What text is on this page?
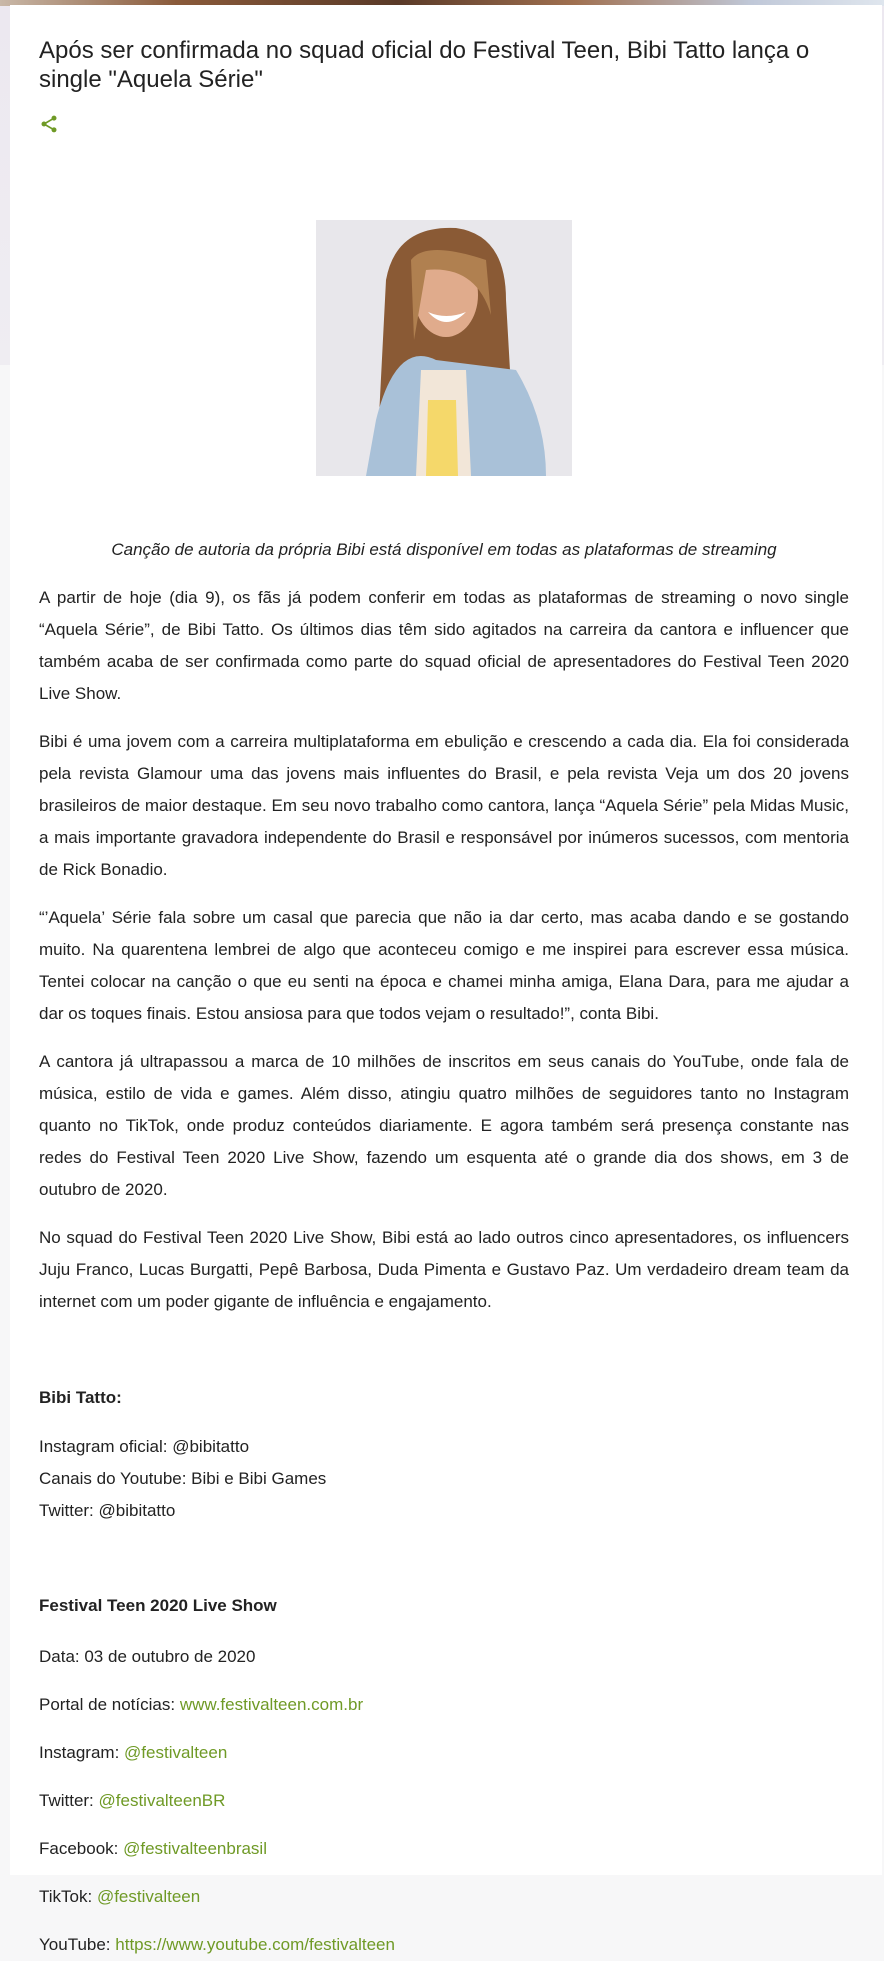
Após ser confirmada no squad oficial do Festival Teen, Bibi Tatto lança o single "Aquela Série"
Canção de autoria da própria Bibi está disponível em todas as plataformas de streaming

A partir de hoje (dia 9), os fãs já podem conferir em todas as plataformas de streaming o novo single “Aquela Série”, de Bibi Tatto. Os últimos dias têm sido agitados na carreira da cantora e influencer que também acaba de ser confirmada como parte do squad oficial de apresentadores do Festival Teen 2020 Live Show.

Bibi é uma jovem com a carreira multiplataforma em ebulição e crescendo a cada dia. Ela foi considerada pela revista Glamour uma das jovens mais influentes do Brasil, e pela revista Veja um dos 20 jovens brasileiros de maior destaque. Em seu novo trabalho como cantora, lança “Aquela Série” pela Midas Music, a mais importante gravadora independente do Brasil e responsável por inúmeros sucessos, com mentoria de Rick Bonadio.

“’Aquela’ Série fala sobre um casal que parecia que não ia dar certo, mas acaba dando e se gostando muito. Na quarentena lembrei de algo que aconteceu comigo e me inspirei para escrever essa música. Tentei colocar na canção o que eu senti na época e chamei minha amiga, Elana Dara, para me ajudar a dar os toques finais. Estou ansiosa para que todos vejam o resultado!”, conta Bibi.

A cantora já ultrapassou a marca de 10 milhões de inscritos em seus canais do YouTube, onde fala de música, estilo de vida e games. Além disso, atingiu quatro milhões de seguidores tanto no Instagram quanto no TikTok, onde produz conteúdos diariamente. E agora também será presença constante nas redes do Festival Teen 2020 Live Show, fazendo um esquenta até o grande dia dos shows, em 3 de outubro de 2020.

No squad do Festival Teen 2020 Live Show, Bibi está ao lado outros cinco apresentadores, os influencers Juju Franco, Lucas Burgatti, Pepê Barbosa, Duda Pimenta e Gustavo Paz. Um verdadeiro dream team da internet com um poder gigante de influência e engajamento.

Bibi Tatto:
Instagram oficial: @bibitatto
Canais do Youtube: Bibi e Bibi Games
Twitter: @bibitatto
Festival Teen 2020 Live Show
Data: 03 de outubro de 2020
Portal de notícias: www.festivalteen.com.br
Instagram: @festivalteen
Twitter: @festivalteenBR
Facebook: @festivalteenbrasil
TikTok: @festivalteen
YouTube: https://www.youtube.com/festivalteen
